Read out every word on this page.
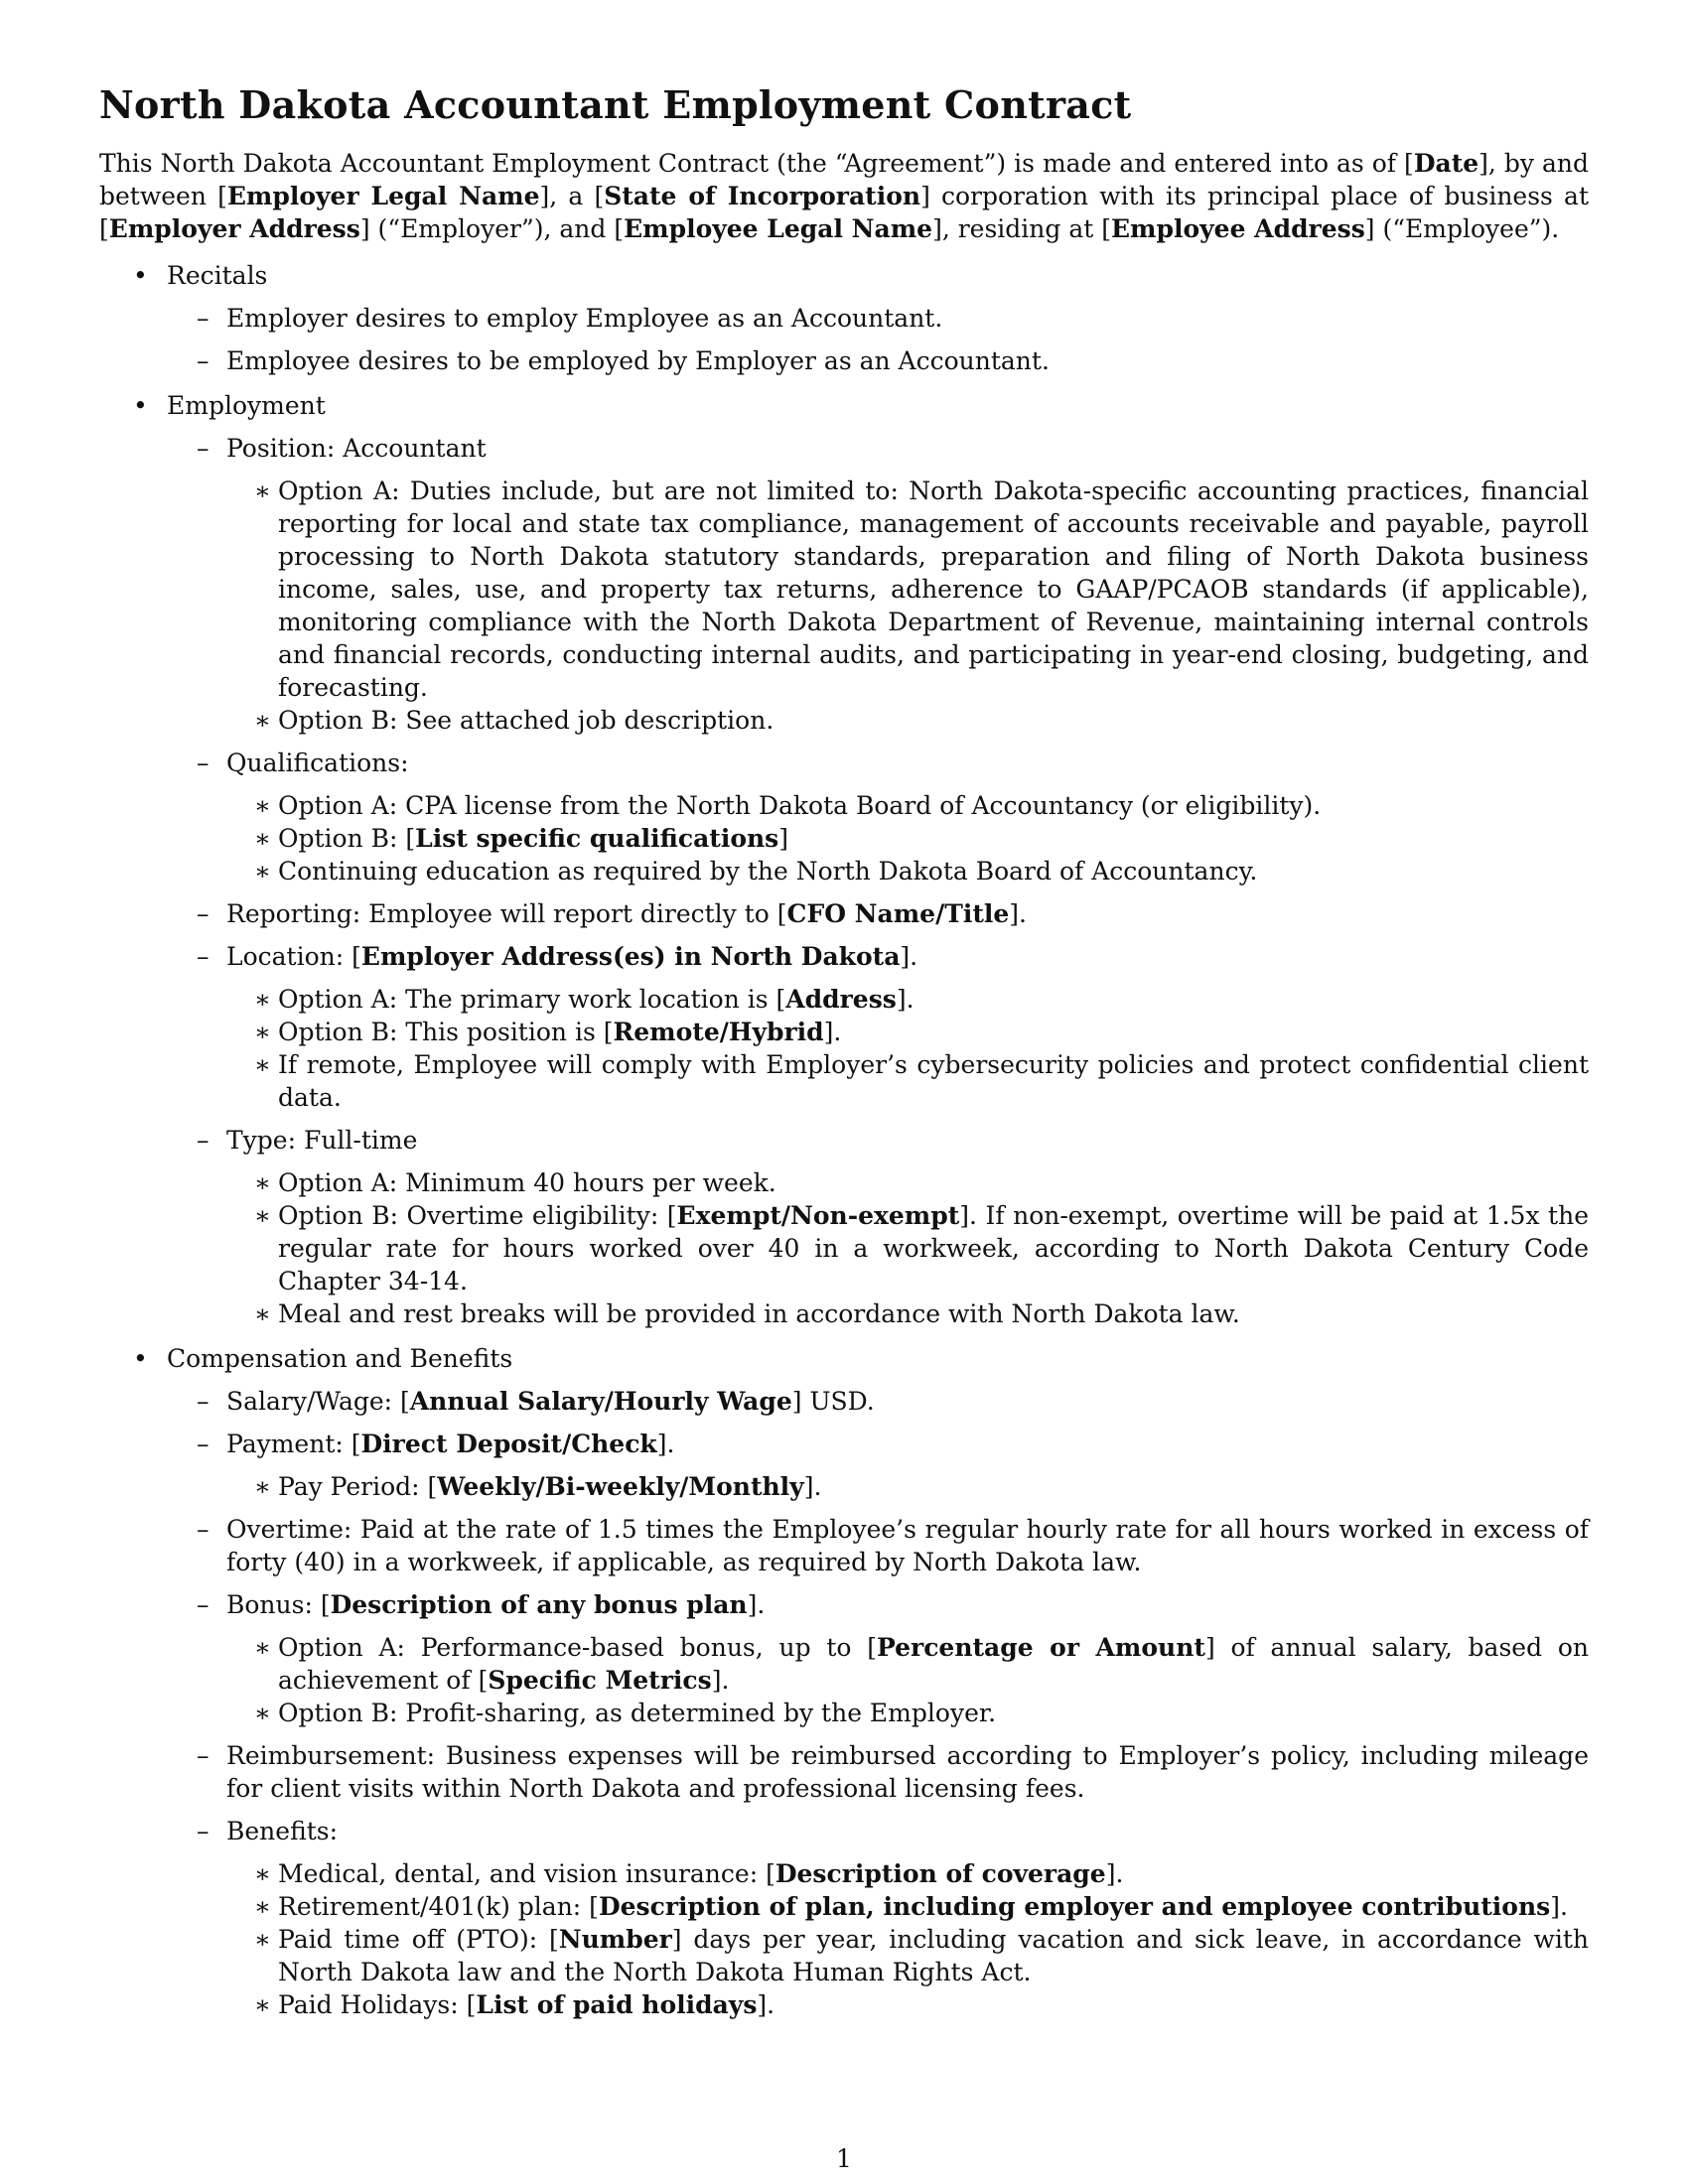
North Dakota Accountant Employment Contract

This North Dakota Accountant Employment Contract (the “Agreement”) is made and entered into as of [Date], by and between [Employer Legal Name], a [State of Incorporation] corporation with its principal place of business at [Employer Address] (“Employer”), and [Employee Legal Name], residing at [Employee Address] (“Employee”).

• Recitals
– Employer desires to employ Employee as an Accountant.
– Employee desires to be employed by Employer as an Accountant.
• Employment
– Position: Accountant
∗ Option A: Duties include, but are not limited to: North Dakota-specific accounting practices, financial reporting for local and state tax compliance, management of accounts receivable and payable, payroll processing to North Dakota statutory standards, preparation and filing of North Dakota business income, sales, use, and property tax returns, adherence to GAAP/PCAOB standards (if applicable), monitoring compliance with the North Dakota Department of Revenue, maintaining internal controls and financial records, conducting internal audits, and participating in year-end closing, budgeting, and forecasting.
∗ Option B: See attached job description.
– Qualifications:
∗ Option A: CPA license from the North Dakota Board of Accountancy (or eligibility).
∗ Option B: [List specific qualifications]
∗ Continuing education as required by the North Dakota Board of Accountancy.
– Reporting: Employee will report directly to [CFO Name/Title].
– Location: [Employer Address(es) in North Dakota].
∗ Option A: The primary work location is [Address].
∗ Option B: This position is [Remote/Hybrid].
∗ If remote, Employee will comply with Employer’s cybersecurity policies and protect confidential client data.
– Type: Full-time
∗ Option A: Minimum 40 hours per week.
∗ Option B: Overtime eligibility: [Exempt/Non-exempt]. If non-exempt, overtime will be paid at 1.5x the regular rate for hours worked over 40 in a workweek, according to North Dakota Century Code Chapter 34-14.
∗ Meal and rest breaks will be provided in accordance with North Dakota law.
• Compensation and Benefits
– Salary/Wage: [Annual Salary/Hourly Wage] USD.
– Payment: [Direct Deposit/Check].
∗ Pay Period: [Weekly/Bi-weekly/Monthly].
– Overtime: Paid at the rate of 1.5 times the Employee’s regular hourly rate for all hours worked in excess of forty (40) in a workweek, if applicable, as required by North Dakota law.
– Bonus: [Description of any bonus plan].
∗ Option A: Performance-based bonus, up to [Percentage or Amount] of annual salary, based on achievement of [Specific Metrics].
∗ Option B: Profit-sharing, as determined by the Employer.
– Reimbursement: Business expenses will be reimbursed according to Employer’s policy, including mileage for client visits within North Dakota and professional licensing fees.
– Benefits:
∗ Medical, dental, and vision insurance: [Description of coverage].
∗ Retirement/401(k) plan: [Description of plan, including employer and employee contributions].
∗ Paid time off (PTO): [Number] days per year, including vacation and sick leave, in accordance with North Dakota law and the North Dakota Human Rights Act.
∗ Paid Holidays: [List of paid holidays].
1
